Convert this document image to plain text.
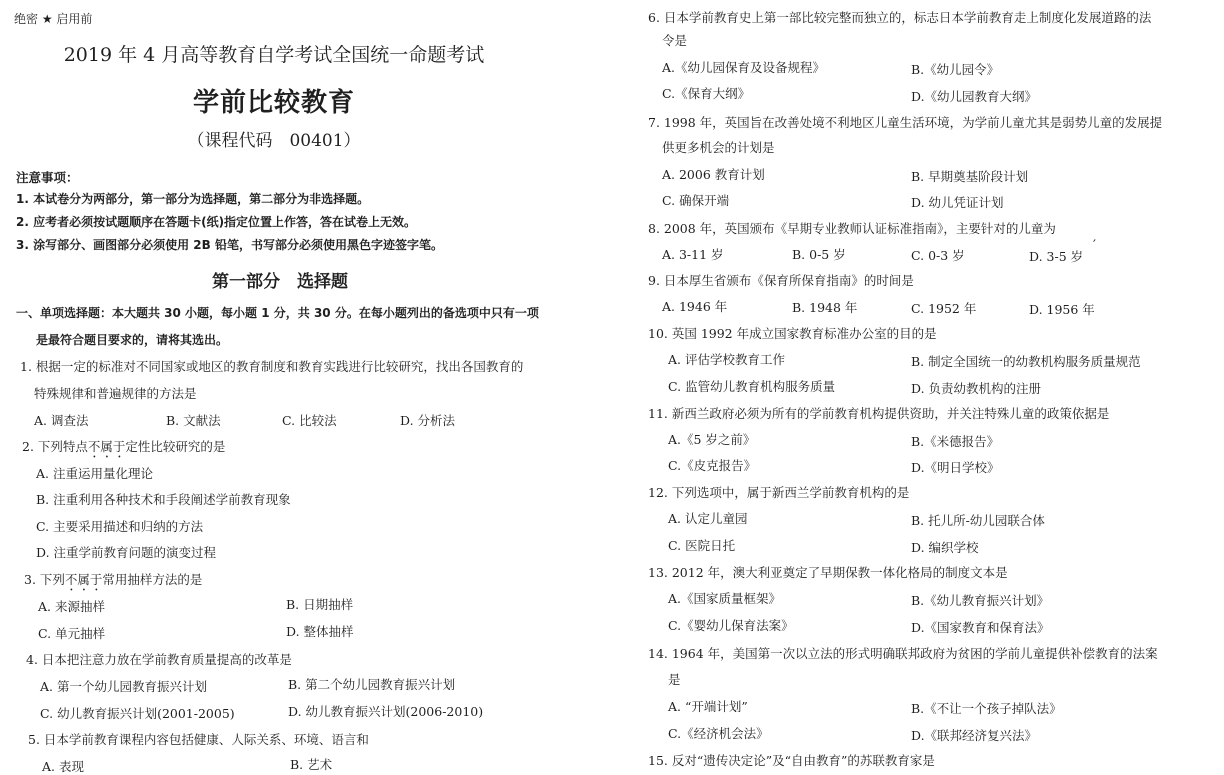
绝密 ★ 启用前
2019 年 4 月高等教育自学考试全国统一命题考试
学前比较教育
（课程代码　00401）
注意事项：
1. 本试卷分为两部分，第一部分为选择题，第二部分为非选择题。
2. 应考者必须按试题顺序在答题卡(纸)指定位置上作答，答在试卷上无效。
3. 涂写部分、画图部分必须使用 2B 铅笔，书写部分必须使用黑色字迹签字笔。
第一部分　选择题
一、单项选择题：本大题共 30 小题，每小题 1 分，共 30 分。在每小题列出的备选项中只有一项
是最符合题目要求的，请将其选出。
1. 根据一定的标准对不同国家或地区的教育制度和教育实践进行比较研究，找出各国教育的
特殊规律和普遍规律的方法是
A. 调查法	B. 文献法	C. 比较法	D. 分析法
2. 下列特点不属于定性比较研究的是
A. 注重运用量化理论
B. 注重利用各种技术和手段阐述学前教育现象
C. 主要采用描述和归纳的方法
D. 注重学前教育问题的演变过程
3. 下列不属于常用抽样方法的是
A. 来源抽样	B. 日期抽样
C. 单元抽样	D. 整体抽样
4. 日本把注意力放在学前教育质量提高的改革是
A. 第一个幼儿园教育振兴计划	B. 第二个幼儿园教育振兴计划
C. 幼儿教育振兴计划(2001-2005)	D. 幼儿教育振兴计划(2006-2010)
5. 日本学前教育课程内容包括健康、人际关系、环境、语言和
A. 表现	B. 艺术
6. 日本学前教育史上第一部比较完整而独立的，标志日本学前教育走上制度化发展道路的法
令是
A.《幼儿园保育及设备规程》	B.《幼儿园令》
C.《保育大纲》	D.《幼儿园教育大纲》
7. 1998 年，英国旨在改善处境不利地区儿童生活环境，为学前儿童尤其是弱势儿童的发展提
供更多机会的计划是
A. 2006 教育计划	B. 早期奠基阶段计划
C. 确保开端	D. 幼儿凭证计划
8. 2008 年，英国颁布《早期专业教师认证标准指南》，主要针对的儿童为
A. 3-11 岁	B. 0-5 岁	C. 0-3 岁	D. 3-5 岁
′
9. 日本厚生省颁布《保育所保育指南》的时间是
A. 1946 年	B. 1948 年	C. 1952 年	D. 1956 年
10. 英国 1992 年成立国家教育标准办公室的目的是
A. 评估学校教育工作	B. 制定全国统一的幼教机构服务质量规范
C. 监管幼儿教育机构服务质量	D. 负责幼教机构的注册
11. 新西兰政府必须为所有的学前教育机构提供资助，并关注特殊儿童的政策依据是
A.《5 岁之前》	B.《米德报告》
C.《皮克报告》	D.《明日学校》
12. 下列选项中，属于新西兰学前教育机构的是
A. 认定儿童园	B. 托儿所-幼儿园联合体
C. 医院日托	D. 编织学校
13. 2012 年，澳大利亚奠定了早期保教一体化格局的制度文本是
A.《国家质量框架》	B.《幼儿教育振兴计划》
C.《婴幼儿保育法案》	D.《国家教育和保育法》
14. 1964 年，美国第一次以立法的形式明确联邦政府为贫困的学前儿童提供补偿教育的法案
是
A. “开端计划”	B.《不让一个孩子掉队法》
C.《经济机会法》	D.《联邦经济复兴法》
15. 反对“遗传决定论”及“自由教育”的苏联教育家是
